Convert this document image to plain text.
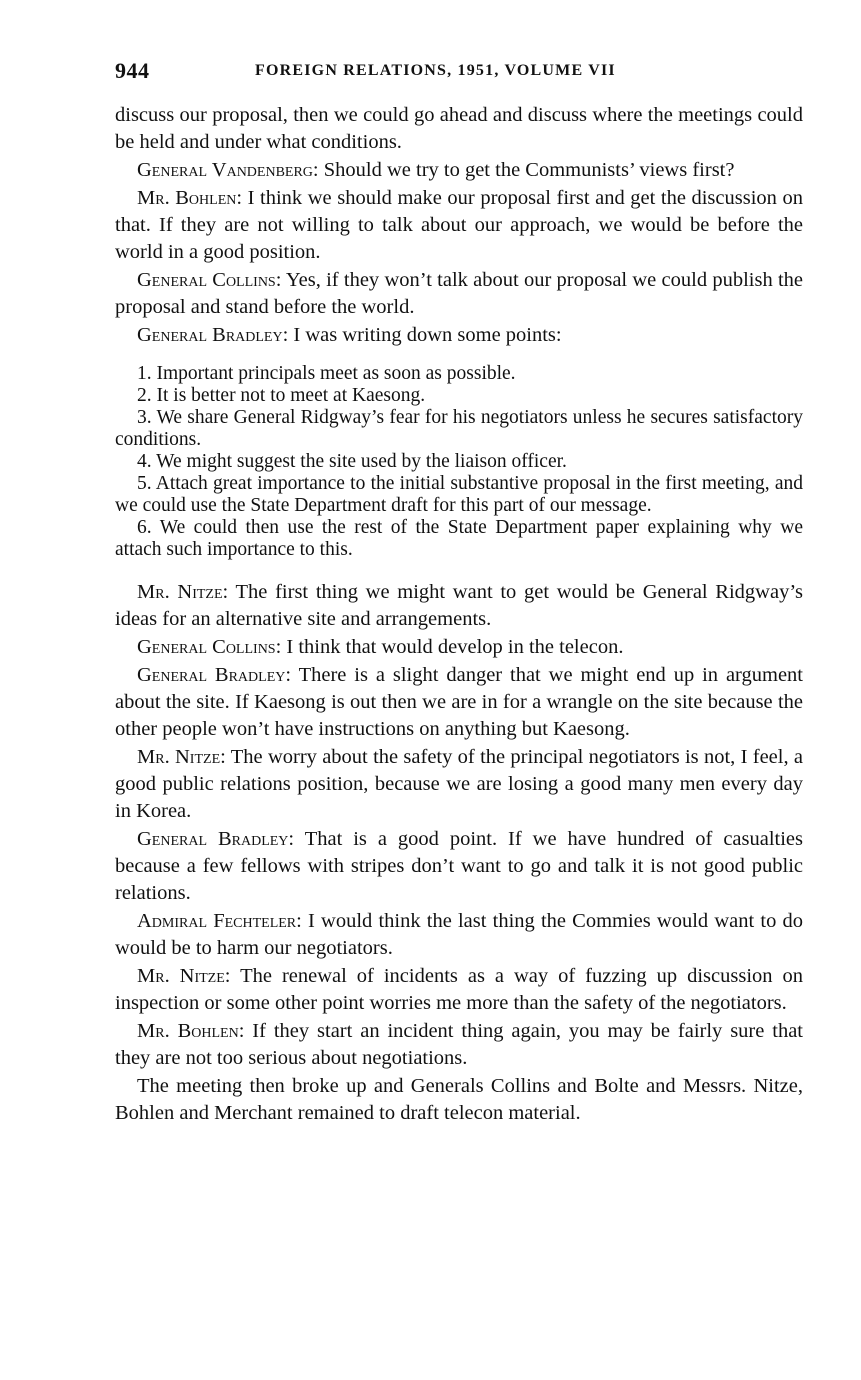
944	FOREIGN RELATIONS, 1951, VOLUME VII

discuss our proposal, then we could go ahead and discuss where the meetings could be held and under what conditions.

General Vandenberg: Should we try to get the Communists’ views first?

Mr. Bohlen: I think we should make our proposal first and get the discussion on that. If they are not willing to talk about our approach, we would be before the world in a good position.

General Collins: Yes, if they won’t talk about our proposal we could publish the proposal and stand before the world.

General Bradley: I was writing down some points:

1. Important principals meet as soon as possible.

2. It is better not to meet at Kaesong.

3. We share General Ridgway’s fear for his negotiators unless he secures satisfactory conditions.

4. We might suggest the site used by the liaison officer.

5. Attach great importance to the initial substantive proposal in the first meeting, and we could use the State Department draft for this part of our message.

6. We could then use the rest of the State Department paper explaining why we attach such importance to this.

Mr. Nitze: The first thing we might want to get would be General Ridgway’s ideas for an alternative site and arrangements.

General Collins: I think that would develop in the telecon.

General Bradley: There is a slight danger that we might end up in argument about the site. If Kaesong is out then we are in for a wrangle on the site because the other people won’t have instructions on anything but Kaesong.

Mr. Nitze: The worry about the safety of the principal negotiators is not, I feel, a good public relations position, because we are losing a good many men every day in Korea.

General Bradley: That is a good point. If we have hundred of casualties because a few fellows with stripes don’t want to go and talk it is not good public relations.

Admiral Fechteler: I would think the last thing the Commies would want to do would be to harm our negotiators.

Mr. Nitze: The renewal of incidents as a way of fuzzing up discussion on inspection or some other point worries me more than the safety of the negotiators.

Mr. Bohlen: If they start an incident thing again, you may be fairly sure that they are not too serious about negotiations.

The meeting then broke up and Generals Collins and Bolte and Messrs. Nitze, Bohlen and Merchant remained to draft telecon material.
